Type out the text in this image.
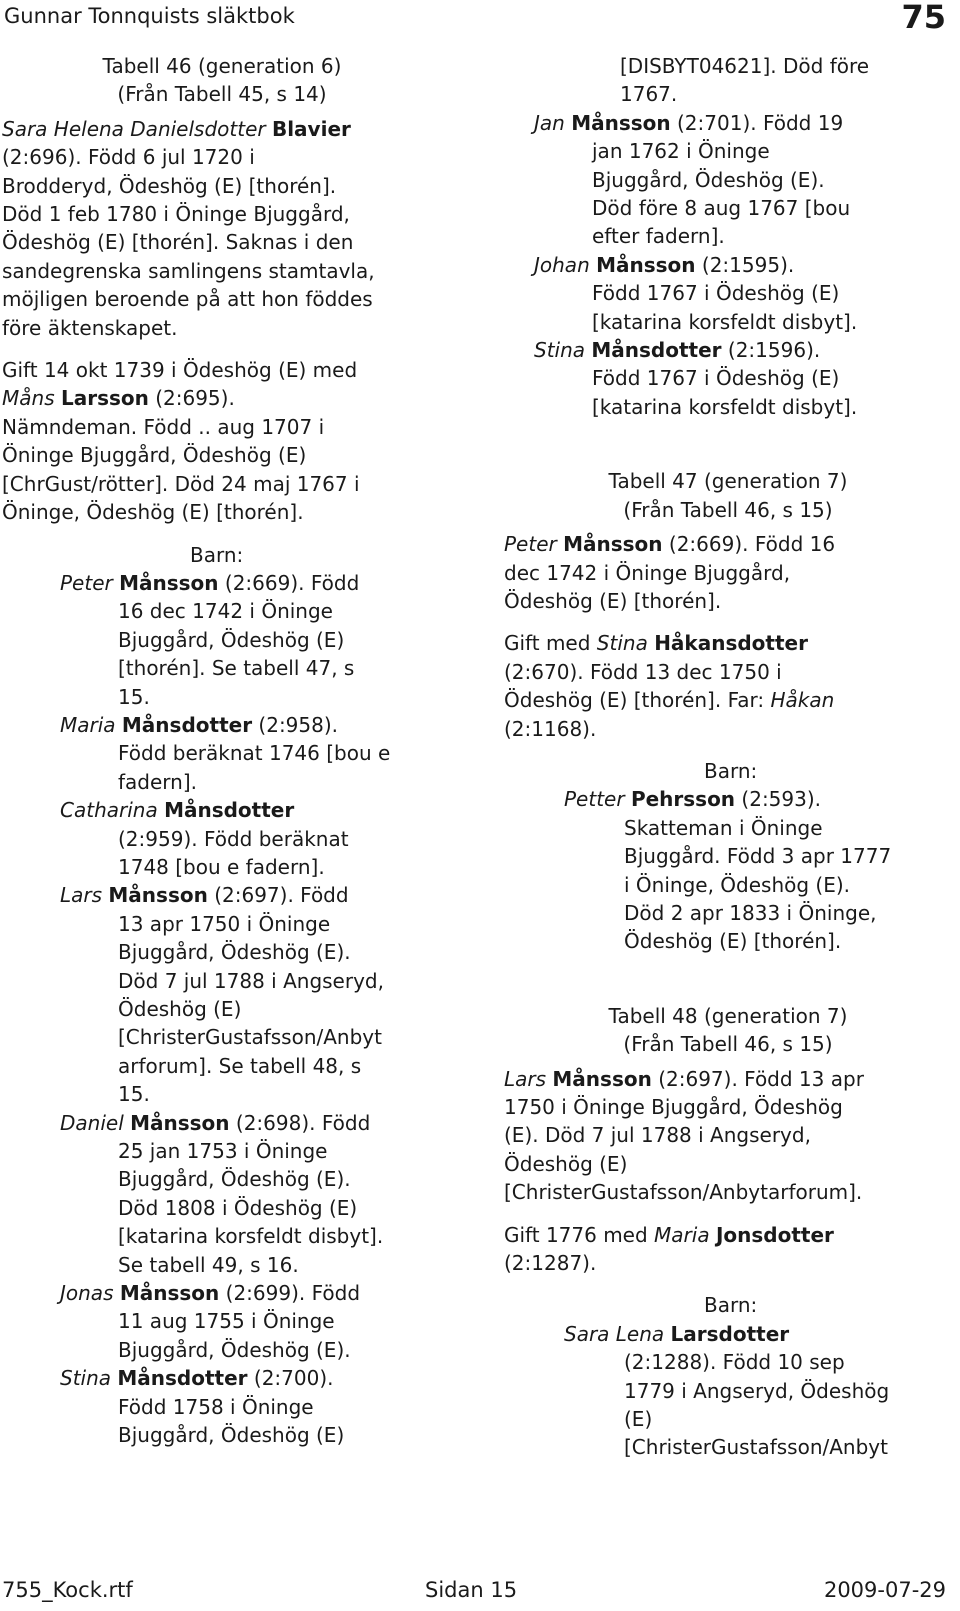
Gunnar Tonnquists släktbok	75
Tabell 46 (generation 6)
(Från Tabell 45, s 14)
Sara Helena Danielsdotter Blavier
(2:696). Född 6 jul 1720 i
Brodderyd, Ödeshög (E) [thorén].
Död 1 feb 1780 i Öninge Bjuggård,
Ödeshög (E) [thorén]. Saknas i den
sandegrenska samlingens stamtavla,
möjligen beroende på att hon föddes
före äktenskapet.
Gift 14 okt 1739 i Ödeshög (E) med
Måns Larsson (2:695).
Nämndeman. Född .. aug 1707 i
Öninge Bjuggård, Ödeshög (E)
[ChrGust/rötter]. Död 24 maj 1767 i
Öninge, Ödeshög (E) [thorén].
Barn:
Peter Månsson (2:669). Född
16 dec 1742 i Öninge
Bjuggård, Ödeshög (E)
[thorén]. Se tabell 47, s
15.
Maria Månsdotter (2:958).
Född beräknat 1746 [bou e
fadern].
Catharina Månsdotter
(2:959). Född beräknat
1748 [bou e fadern].
Lars Månsson (2:697). Född
13 apr 1750 i Öninge
Bjuggård, Ödeshög (E).
Död 7 jul 1788 i Angseryd,
Ödeshög (E)
[ChristerGustafsson/Anbyt
arforum]. Se tabell 48, s
15.
Daniel Månsson (2:698). Född
25 jan 1753 i Öninge
Bjuggård, Ödeshög (E).
Död 1808 i Ödeshög (E)
[katarina korsfeldt disbyt].
Se tabell 49, s 16.
Jonas Månsson (2:699). Född
11 aug 1755 i Öninge
Bjuggård, Ödeshög (E).
Stina Månsdotter (2:700).
Född 1758 i Öninge
Bjuggård, Ödeshög (E)
[DISBYT04621]. Död före
1767.
Jan Månsson (2:701). Född 19
jan 1762 i Öninge
Bjuggård, Ödeshög (E).
Död före 8 aug 1767 [bou
efter fadern].
Johan Månsson (2:1595).
Född 1767 i Ödeshög (E)
[katarina korsfeldt disbyt].
Stina Månsdotter (2:1596).
Född 1767 i Ödeshög (E)
[katarina korsfeldt disbyt].
Tabell 47 (generation 7)
(Från Tabell 46, s 15)
Peter Månsson (2:669). Född 16
dec 1742 i Öninge Bjuggård,
Ödeshög (E) [thorén].
Gift med Stina Håkansdotter
(2:670). Född 13 dec 1750 i
Ödeshög (E) [thorén]. Far: Håkan
(2:1168).
Barn:
Petter Pehrsson (2:593).
Skatteman i Öninge
Bjuggård. Född 3 apr 1777
i Öninge, Ödeshög (E).
Död 2 apr 1833 i Öninge,
Ödeshög (E) [thorén].
Tabell 48 (generation 7)
(Från Tabell 46, s 15)
Lars Månsson (2:697). Född 13 apr
1750 i Öninge Bjuggård, Ödeshög
(E). Död 7 jul 1788 i Angseryd,
Ödeshög (E)
[ChristerGustafsson/Anbytarforum].
Gift 1776 med Maria Jonsdotter
(2:1287).
Barn:
Sara Lena Larsdotter
(2:1288). Född 10 sep
1779 i Angseryd, Ödeshög
(E)
[ChristerGustafsson/Anbyt
755_Kock.rtf	Sidan 15	2009-07-29
